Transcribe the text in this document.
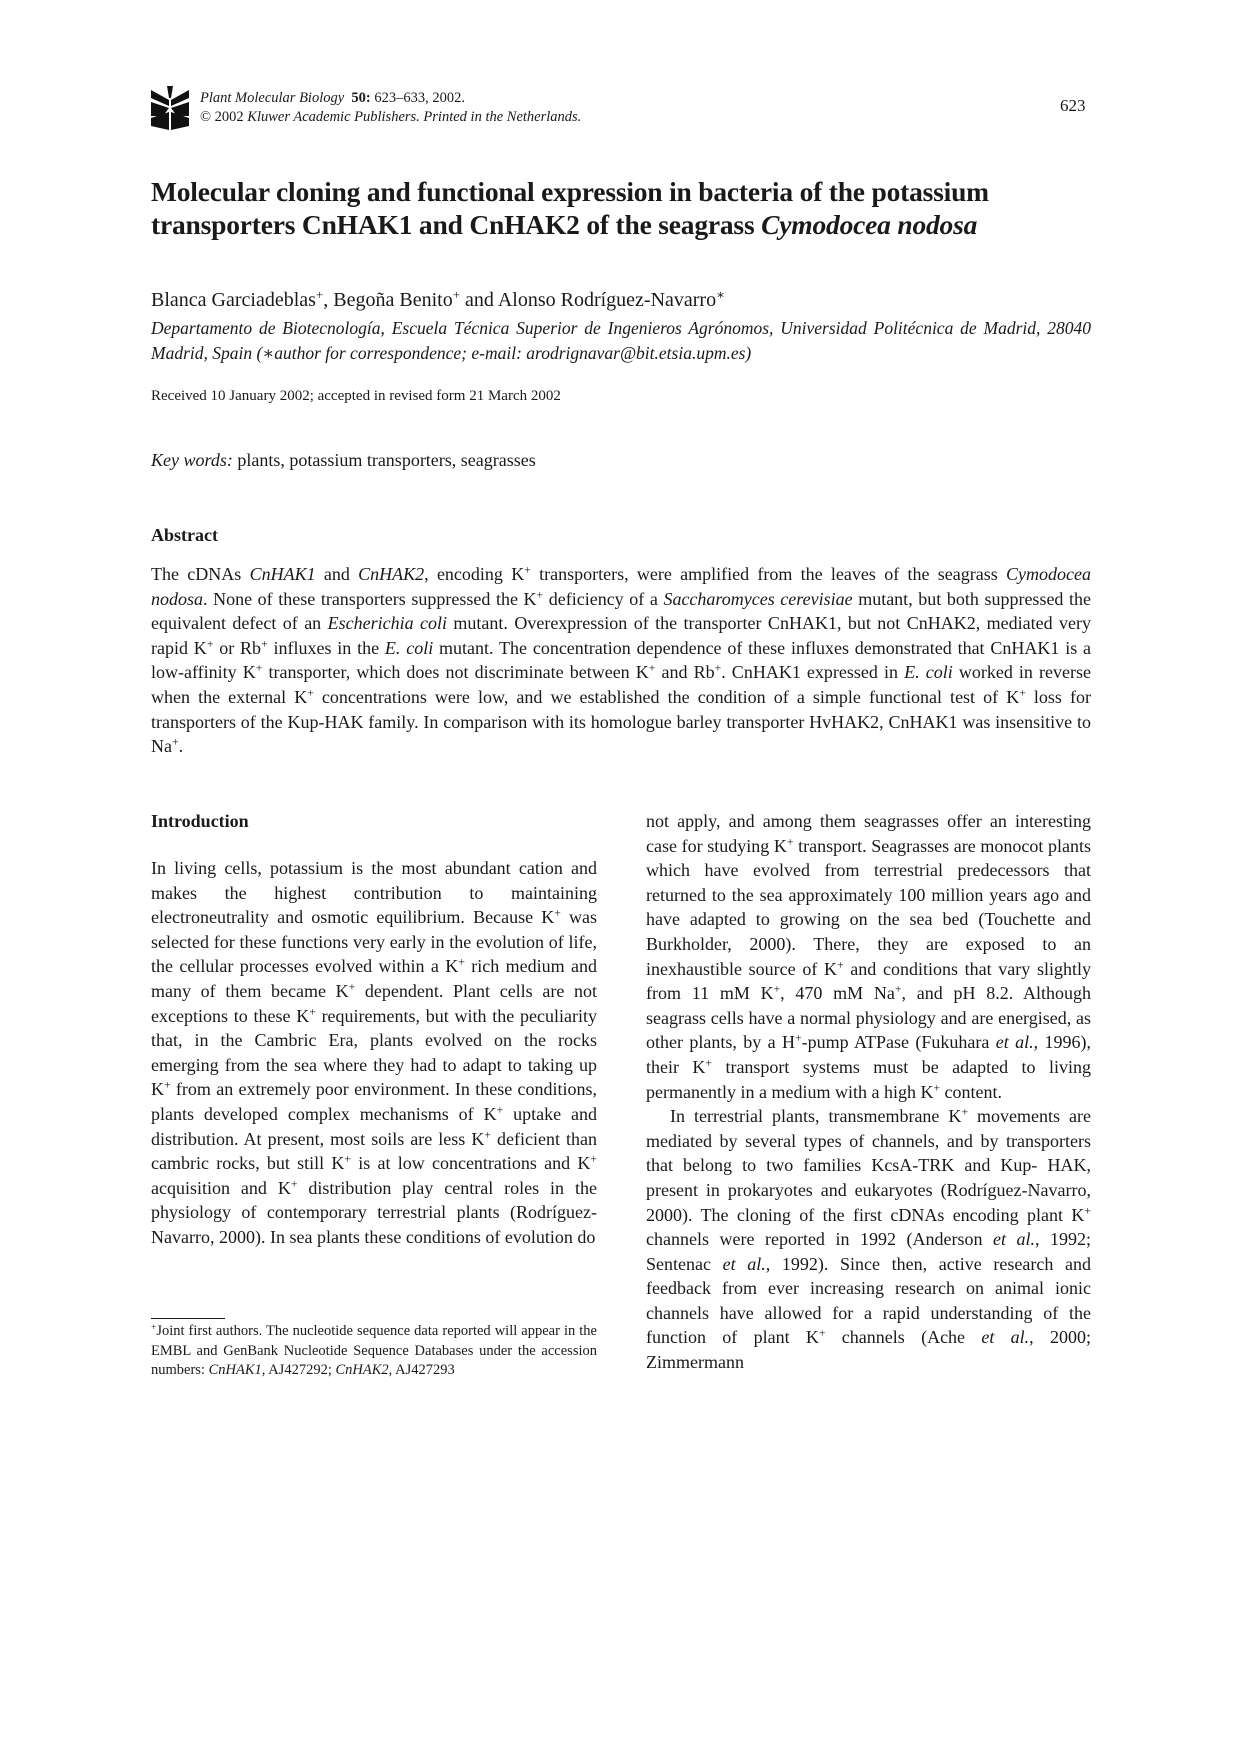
Plant Molecular Biology 50: 623–633, 2002.
© 2002 Kluwer Academic Publishers. Printed in the Netherlands.
623
Molecular cloning and functional expression in bacteria of the potassium
transporters CnHAK1 and CnHAK2 of the seagrass Cymodocea nodosa
Blanca Garciadeblas+, Begoña Benito+ and Alonso Rodríguez-Navarro∗
Departamento de Biotecnología, Escuela Técnica Superior de Ingenieros Agrónomos, Universidad Politécnica de Madrid, 28040 Madrid, Spain (∗author for correspondence; e-mail: arodrignavar@bit.etsia.upm.es)
Received 10 January 2002; accepted in revised form 21 March 2002
Key words: plants, potassium transporters, seagrasses
Abstract
The cDNAs CnHAK1 and CnHAK2, encoding K+ transporters, were amplified from the leaves of the seagrass Cymodocea nodosa. None of these transporters suppressed the K+ deficiency of a Saccharomyces cerevisiae mutant, but both suppressed the equivalent defect of an Escherichia coli mutant. Overexpression of the transporter CnHAK1, but not CnHAK2, mediated very rapid K+ or Rb+ influxes in the E. coli mutant. The concentration dependence of these influxes demonstrated that CnHAK1 is a low-affinity K+ transporter, which does not discriminate between K+ and Rb+. CnHAK1 expressed in E. coli worked in reverse when the external K+ concentrations were low, and we established the condition of a simple functional test of K+ loss for transporters of the Kup-HAK family. In comparison with its homologue barley transporter HvHAK2, CnHAK1 was insensitive to Na+.
Introduction
In living cells, potassium is the most abundant cation and makes the highest contribution to maintaining electroneutrality and osmotic equilibrium. Because K+ was selected for these functions very early in the evolution of life, the cellular processes evolved within a K+ rich medium and many of them became K+ dependent. Plant cells are not exceptions to these K+ requirements, but with the peculiarity that, in the Cambric Era, plants evolved on the rocks emerging from the sea where they had to adapt to taking up K+ from an extremely poor environment. In these conditions, plants developed complex mechanisms of K+ uptake and distribution. At present, most soils are less K+ deficient than cambric rocks, but still K+ is at low concentrations and K+ acquisition and K+ distribution play central roles in the physiology of contemporary terrestrial plants (Rodríguez-Navarro, 2000). In sea plants these conditions of evolution do

not apply, and among them seagrasses offer an interesting case for studying K+ transport. Seagrasses are monocot plants which have evolved from terrestrial predecessors that returned to the sea approximately 100 million years ago and have adapted to growing on the sea bed (Touchette and Burkholder, 2000). There, they are exposed to an inexhaustible source of K+ and conditions that vary slightly from 11 mM K+, 470 mM Na+, and pH 8.2. Although seagrass cells have a normal physiology and are energised, as other plants, by a H+-pump ATPase (Fukuhara et al., 1996), their K+ transport systems must be adapted to living permanently in a medium with a high K+ content.

In terrestrial plants, transmembrane K+ movements are mediated by several types of channels, and by transporters that belong to two families KcsA-TRK and Kup- HAK, present in prokaryotes and eukaryotes (Rodríguez-Navarro, 2000). The cloning of the first cDNAs encoding plant K+ channels were reported in 1992 (Anderson et al., 1992; Sentenac et al., 1992). Since then, active research and feedback from ever increasing research on animal ionic channels have allowed for a rapid understanding of the function of plant K+ channels (Ache et al., 2000; Zimmermann

+Joint first authors. The nucleotide sequence data reported will appear in the EMBL and GenBank Nucleotide Sequence Databases under the accession numbers: CnHAK1, AJ427292; CnHAK2, AJ427293
